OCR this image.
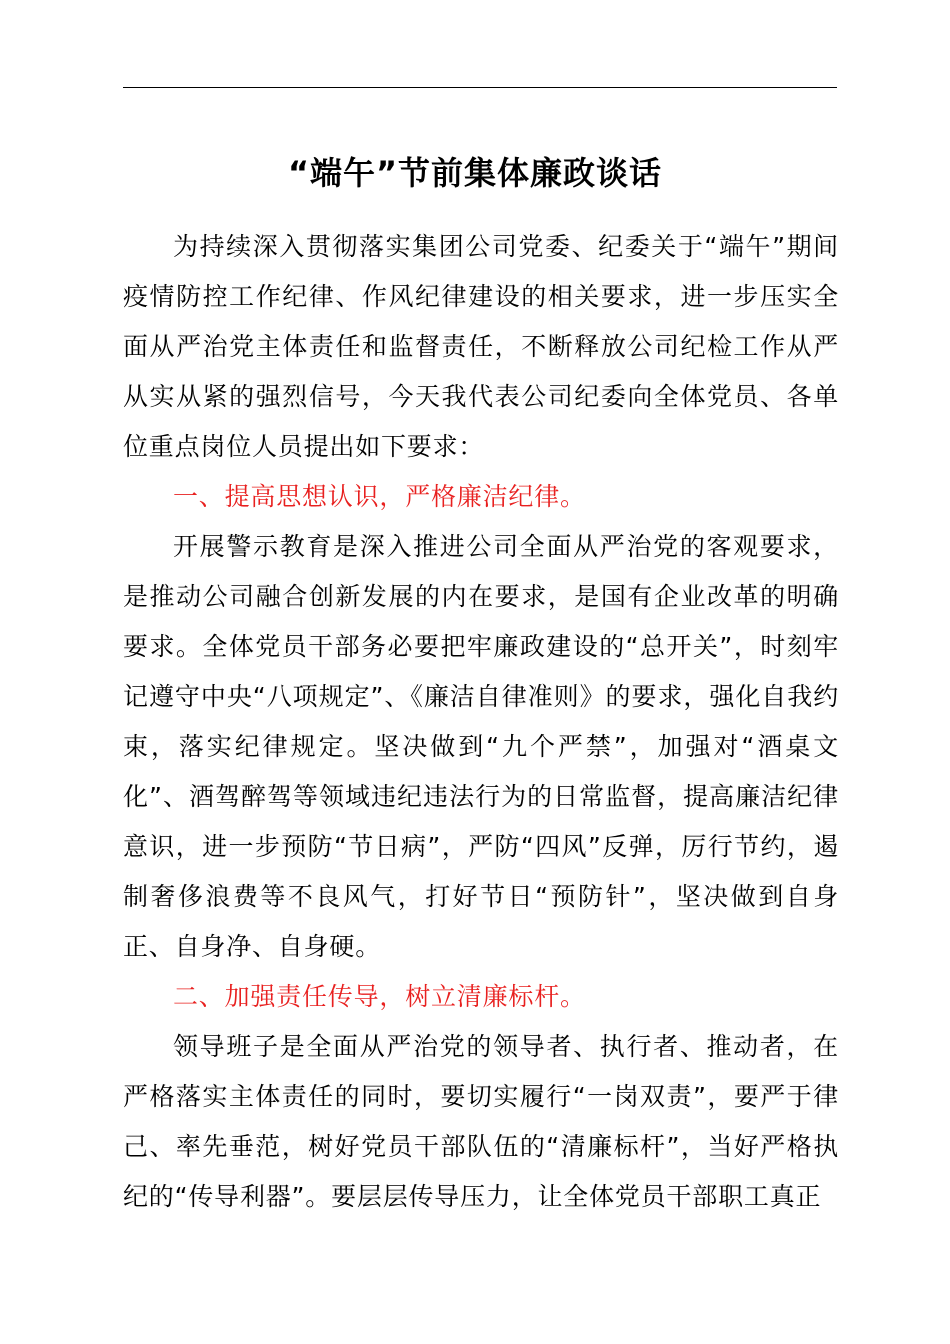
“端午”节前集体廉政谈话

为持续深入贯彻落实集团公司党委、纪委关于“端午”期间疫情防控工作纪律、作风纪律建设的相关要求，进一步压实全面从严治党主体责任和监督责任，不断释放公司纪检工作从严从实从紧的强烈信号，今天我代表公司纪委向全体党员、各单位重点岗位人员提出如下要求：

一、提高思想认识，严格廉洁纪律。

开展警示教育是深入推进公司全面从严治党的客观要求，是推动公司融合创新发展的内在要求，是国有企业改革的明确要求。全体党员干部务必要把牢廉政建设的“总开关”，时刻牢记遵守中央“八项规定”、《廉洁自律准则》的要求，强化自我约束，落实纪律规定。坚决做到“九个严禁”，加强对“酒桌文化”、酒驾醉驾等领域违纪违法行为的日常监督，提高廉洁纪律意识，进一步预防“节日病”，严防“四风”反弹，厉行节约，遏制奢侈浪费等不良风气，打好节日“预防针”，坚决做到自身正、自身净、自身硬。

二、加强责任传导，树立清廉标杆。

领导班子是全面从严治党的领导者、执行者、推动者，在严格落实主体责任的同时，要切实履行“一岗双责”，要严于律己、率先垂范，树好党员干部队伍的“清廉标杆”，当好严格执纪的“传导利器”。要层层传导压力，让全体党员干部职工真正
